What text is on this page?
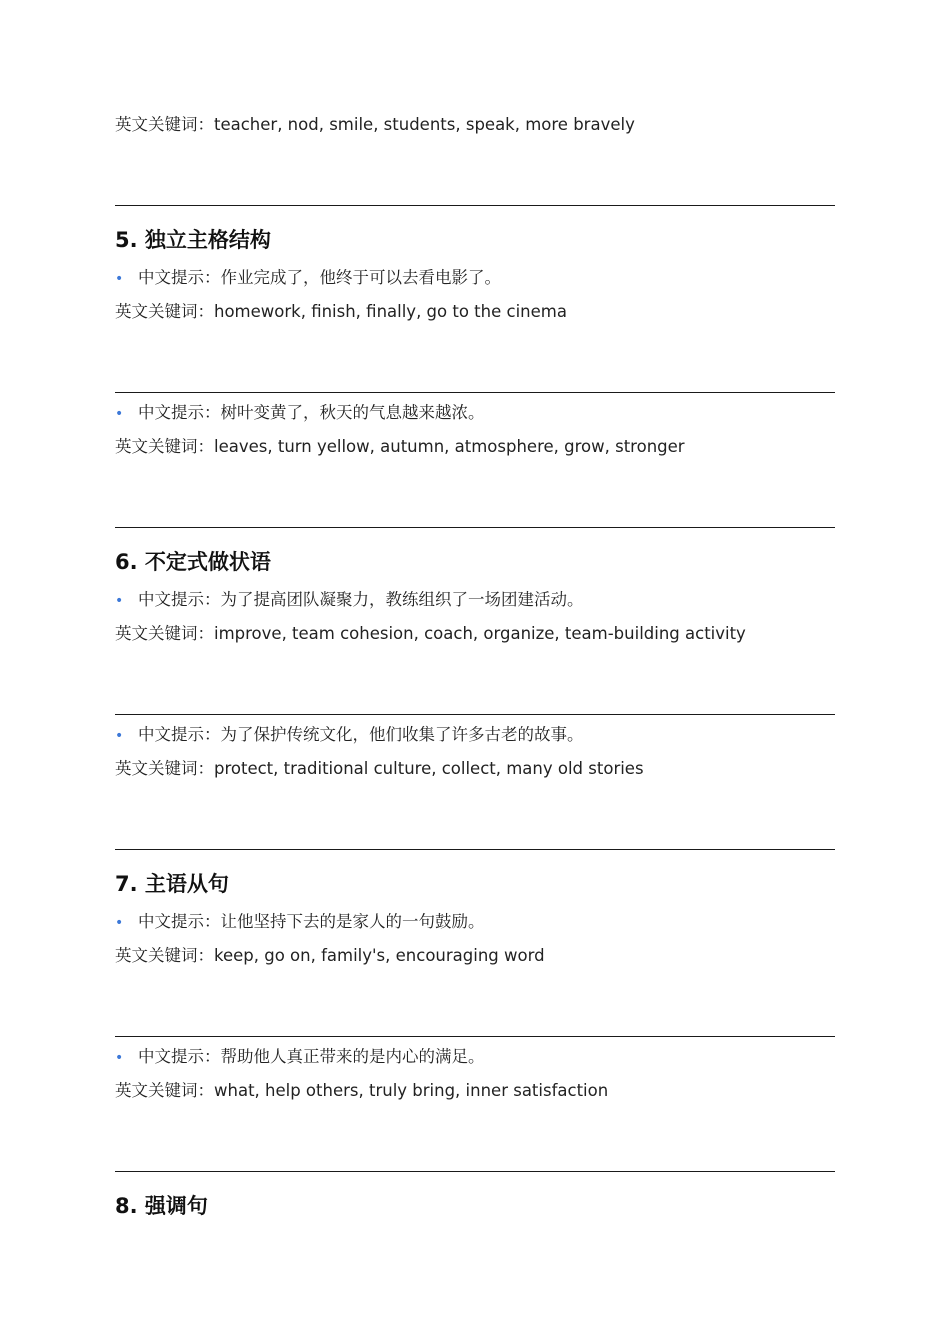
英文关键词：teacher, nod, smile, students, speak, more bravely
5. 独立主格结构
• 中文提示：作业完成了，他终于可以去看电影了。
英文关键词：homework, finish, finally, go to the cinema
• 中文提示：树叶变黄了，秋天的气息越来越浓。
英文关键词：leaves, turn yellow, autumn, atmosphere, grow, stronger
6. 不定式做状语
• 中文提示：为了提高团队凝聚力，教练组织了一场团建活动。
英文关键词：improve, team cohesion, coach, organize, team-building activity
• 中文提示：为了保护传统文化，他们收集了许多古老的故事。
英文关键词：protect, traditional culture, collect, many old stories
7. 主语从句
• 中文提示：让他坚持下去的是家人的一句鼓励。
英文关键词：keep, go on, family's, encouraging word
• 中文提示：帮助他人真正带来的是内心的满足。
英文关键词：what, help others, truly bring, inner satisfaction
8. 强调句
